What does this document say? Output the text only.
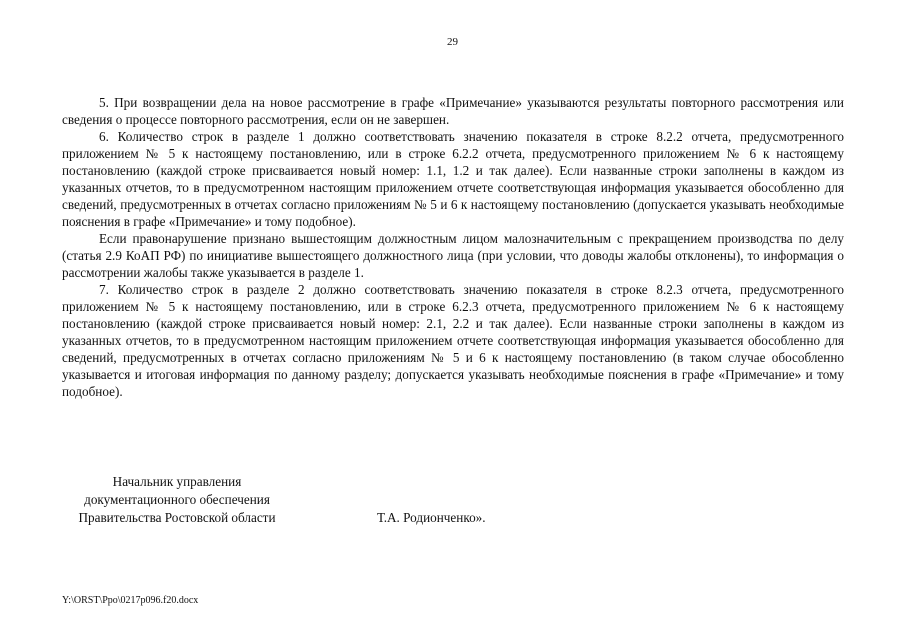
29

5. При возвращении дела на новое рассмотрение в графе «Примечание» указываются результаты повторного рассмотрения или сведения о процессе повторного рассмотрения, если он не завершен.

6. Количество строк в разделе 1 должно соответствовать значению показателя в строке 8.2.2 отчета, предусмотренного приложением № 5 к настоящему постановлению, или в строке 6.2.2 отчета, предусмотренного приложением № 6 к настоящему постановлению (каждой строке присваивается новый номер: 1.1, 1.2 и так далее). Если названные строки заполнены в каждом из указанных отчетов, то в предусмотренном настоящим приложением отчете соответствующая информация указывается обособленно для сведений, предусмотренных в отчетах согласно приложениям № 5 и 6 к настоящему постановлению (допускается указывать необходимые пояснения в графе «Примечание» и тому подобное).

Если правонарушение признано вышестоящим должностным лицом малозначительным с прекращением производства по делу (статья 2.9 КоАП РФ) по инициативе вышестоящего должностного лица (при условии, что доводы жалобы отклонены), то информация о рассмотрении жалобы также указывается в разделе 1.

7. Количество строк в разделе 2 должно соответствовать значению показателя в строке 8.2.3 отчета, предусмотренного приложением № 5 к настоящему постановлению, или в строке 6.2.3 отчета, предусмотренного приложением № 6 к настоящему постановлению (каждой строке присваивается новый номер: 2.1, 2.2 и так далее). Если названные строки заполнены в каждом из указанных отчетов, то в предусмотренном настоящим приложением отчете соответствующая информация указывается обособленно для сведений, предусмотренных в отчетах согласно приложениям № 5 и 6 к настоящему постановлению (в таком случае обособленно указывается и итоговая информация по данному разделу; допускается указывать необходимые пояснения в графе «Примечание» и тому подобное).

Начальник управления
документационного обеспечения
Правительства Ростовской области	Т.А. Родионченко».
Y:\ORST\Ppo\0217p096.f20.docx
